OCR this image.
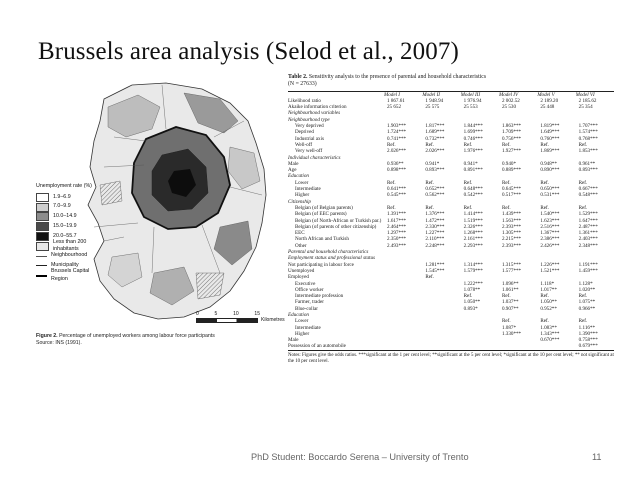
Brussels area analysis (Selod et al., 2007)
Unemployment rate (%)
1.9–6.9
7.0–9.9
10.0–14.9
15.0–19.9
20.0–55.7
Less than 200 inhabitants
Neighbourhood
Municipality
Brussels Capital Region
0	5	10	15
Kilometres
Figure 2. Percentage of unemployed workers among labour force participants
Source: INS (1991).
Table 2. Sensitivity analysis to the presence of parental and household characteristics
(N = 27633)
	Model I	Model II	Model III	Model IV	Model V	Model VI
Likelihood ratio	1 867.61	1 948.94	1 976.94	2 002.52	2 189.20	2 185.62
Akaike information criterion	25 652	25 575	25 553	25 530	25 448	25 354
Neighbourhood variables						
Neighbourhood type						
Very deprived	1.903***	1.817***	1.844***	1.863***	1.819***	1.707***
Deprived	1.724***	1.689***	1.699***	1.709***	1.649***	1.574***
Industrial axis	0.741***	0.732***	0.746***	0.756***	0.760***	0.768***
Well-off	Ref.	Ref.	Ref.	Ref.	Ref.	Ref.
Very well-off	2.026***	2.026***	1.976***	1.927***	1.869***	1.853***
Individual characteristics						
Male	0.936**	0.941*	0.941*	0.940*	0.948**	0.961**
Age	0.898***	0.893***	0.891***	0.889***	0.890***	0.893***
Education						
Lower	Ref.	Ref.	Ref.	Ref.	Ref.	Ref.
Intermediate	0.641***	0.652***	0.648***	0.645***	0.650***	0.667***
Higher	0.545***	0.562***	0.542***	0.517***	0.531***	0.548***
Citizenship						
Belgian (of Belgian parents)	Ref.	Ref.	Ref.	Ref.	Ref.	Ref.
Belgian (of EEC parents)	1.391***	1.376***	1.414***	1.439***	1.540***	1.529***
Belgian (of North-African or Turkish par.)	1.617***	1.472***	1.519***	1.563***	1.623***	1.647***
Belgian (of parents of other citizenship)	2.464***	2.330***	2.326***	2.393***	2.516***	2.487***
EEC	1.297***	1.227***	1.268***	1.305***	1.367***	1.361***
North African and Turkish	2.350***	2.110***	2.161***	2.215***	2.386***	2.403***
Other	2.493***	2.248***	2.293***	2.393***	2.426***	2.348***
Parental and household characteristics						
Employment status and professional status						
Not participating in labour force		1.281***	1.314***	1.315***	1.226***	1.191***
Unemployed		1.545***	1.579***	1.577***	1.521***	1.459***
Employed		Ref.				
Executive			1.222***	1.096**	1.118*	1.128*
Office worker			1.078**	1.061**	1.017**	1.020**
Intermediate profession			Ref.	Ref.	Ref.	Ref.
Farmer, trader			1.050**	1.037**	1.050**	1.075**
Blue-collar			0.893*	0.907**	0.952**	0.966**
Education						
Lower				Ref.	Ref.	Ref.
Intermediate				1.087*	1.083**	1.116**
Higher				1.330***	1.343***	1.390***
Male					0.670***	0.758***
Possession of an automobile						0.679***
Notes: Figures give the odds ratios. ***significant at the 1 per cent level; **significant at the 5 per cent level; *significant at the 10 per cent level; ** not significant at the 10 per cent level.
PhD Student: Boccardo Serena – University of Trento	11
